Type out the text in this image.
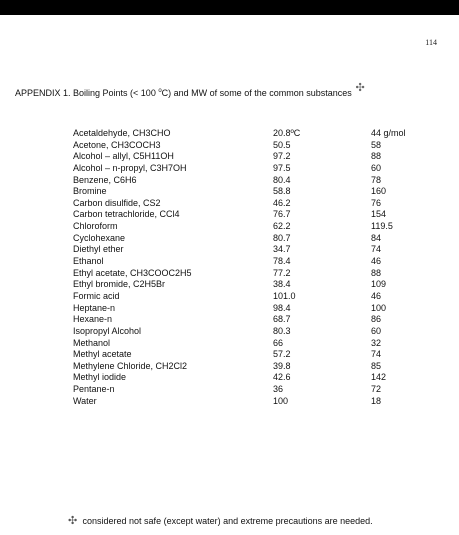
114
APPENDIX 1. Boiling Points (< 100 $^o$C) and MW of some of the common substances ✣
Acetaldehyde, CH3CHO	20.8ºC	44 g/mol
Acetone, CH3COCH3	50.5	58
Alcohol – allyl, C5H11OH	97.2	88
Alcohol – n-propyl, C3H7OH	97.5	60
Benzene, C6H6	80.4	78
Bromine	58.8	160
Carbon disulfide, CS2	46.2	76
Carbon tetrachloride, CCl4	76.7	154
Chloroform	62.2	119.5
Cyclohexane	80.7	84
Diethyl ether	34.7	74
Ethanol	78.4	46
Ethyl acetate, CH3COOC2H5	77.2	88
Ethyl bromide, C2H5Br	38.4	109
Formic acid	101.0	46
Heptane-n	98.4	100
Hexane-n	68.7	86
Isopropyl Alcohol	80.3	60
Methanol	66	32
Methyl acetate	57.2	74
Methylene Chloride, CH2Cl2	39.8	85
Methyl iodide	42.6	142
Pentane-n	36	72
Water	100	18
✣ considered not safe (except water) and extreme precautions are needed.
